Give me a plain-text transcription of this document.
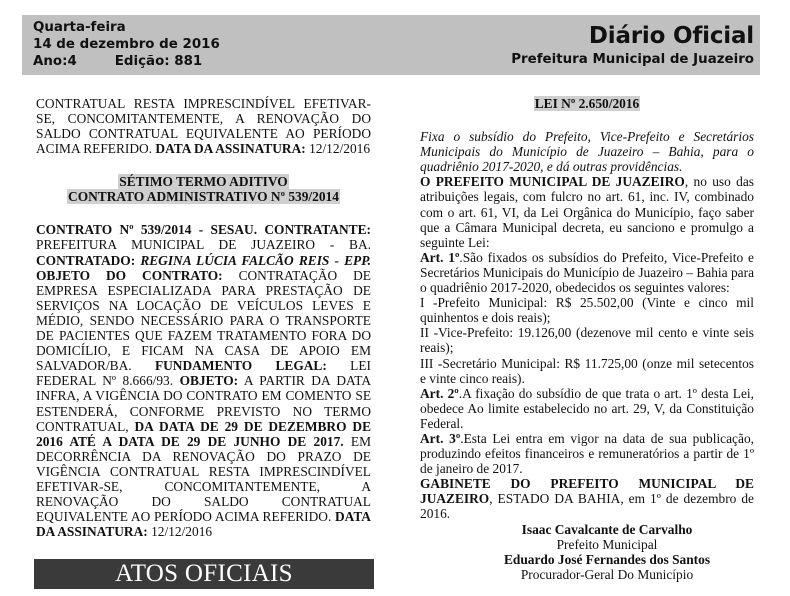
Quarta-feira
14 de dezembro de 2016
Ano:4	Edição: 881
Diário Oficial
Prefeitura Municipal de Juazeiro

CONTRATUAL RESTA IMPRESCINDÍVEL EFETIVAR-SE, CONCOMITANTEMENTE, A RENOVAÇÃO DO SALDO CONTRATUAL EQUIVALENTE AO PERÍODO ACIMA REFERIDO. DATA DA ASSINATURA: 12/12/2016

SÉTIMO TERMO ADITIVO
CONTRATO ADMINISTRATIVO Nº 539/2014

CONTRATO Nº 539/2014 - SESAU. CONTRATANTE: PREFEITURA MUNICIPAL DE JUAZEIRO - BA. CONTRATADO: REGINA LÚCIA FALCÃO REIS - EPP. OBJETO DO CONTRATO: CONTRATAÇÃO DE EMPRESA ESPECIALIZADA PARA PRESTAÇÃO DE SERVIÇOS NA LOCAÇÃO DE VEÍCULOS LEVES E MÉDIO, SENDO NECESSÁRIO PARA O TRANSPORTE DE PACIENTES QUE FAZEM TRATAMENTO FORA DO DOMICÍLIO, E FICAM NA CASA DE APOIO EM SALVADOR/BA. FUNDAMENTO LEGAL: LEI FEDERAL Nº 8.666/93. OBJETO: A PARTIR DA DATA INFRA, A VIGÊNCIA DO CONTRATO EM COMENTO SE ESTENDERÁ, CONFORME PREVISTO NO TERMO CONTRATUAL, DA DATA DE 29 DE DEZEMBRO DE 2016 ATÉ A DATA DE 29 DE JUNHO DE 2017. EM DECORRÊNCIA DA RENOVAÇÃO DO PRAZO DE VIGÊNCIA CONTRATUAL RESTA IMPRESCINDÍVEL EFETIVAR-SE, CONCOMITANTEMENTE, A RENOVAÇÃO DO SALDO CONTRATUAL EQUIVALENTE AO PERÍODO ACIMA REFERIDO. DATA DA ASSINATURA: 12/12/2016

ATOS OFICIAIS

LEI Nº 2.650/2016

Fixa o subsídio do Prefeito, Vice-Prefeito e Secretários Municipais do Município de Juazeiro – Bahia, para o quadriênio 2017-2020, e dá outras providências.

O PREFEITO MUNICIPAL DE JUAZEIRO, no uso das atribuições legais, com fulcro no art. 61, inc. IV, combinado com o art. 61, VI, da Lei Orgânica do Município, faço saber que a Câmara Municipal decreta, eu sanciono e promulgo a seguinte Lei:

Art. 1º.São fixados os subsídios do Prefeito, Vice-Prefeito e Secretários Municipais do Município de Juazeiro – Bahia para o quadriênio 2017-2020, obedecidos os seguintes valores:

I -Prefeito Municipal: R$ 25.502,00 (Vinte e cinco mil quinhentos e dois reais);

II -Vice-Prefeito: 19.126,00 (dezenove mil cento e vinte seis reais);

III -Secretário Municipal: R$ 11.725,00 (onze mil setecentos e vinte cinco reais).

Art. 2º.A fixação do subsídio de que trata o art. 1º desta Lei, obedece Ao limite estabelecido no art. 29, V, da Constituição Federal.

Art. 3º.Esta Lei entra em vigor na data de sua publicação, produzindo efeitos financeiros e remuneratórios a partir de 1º de janeiro de 2017.

GABINETE DO PREFEITO MUNICIPAL DE JUAZEIRO, ESTADO DA BAHIA, em 1º de dezembro de 2016.

Isaac Cavalcante de Carvalho

Prefeito Municipal

Eduardo José Fernandes dos Santos

Procurador-Geral Do Município
